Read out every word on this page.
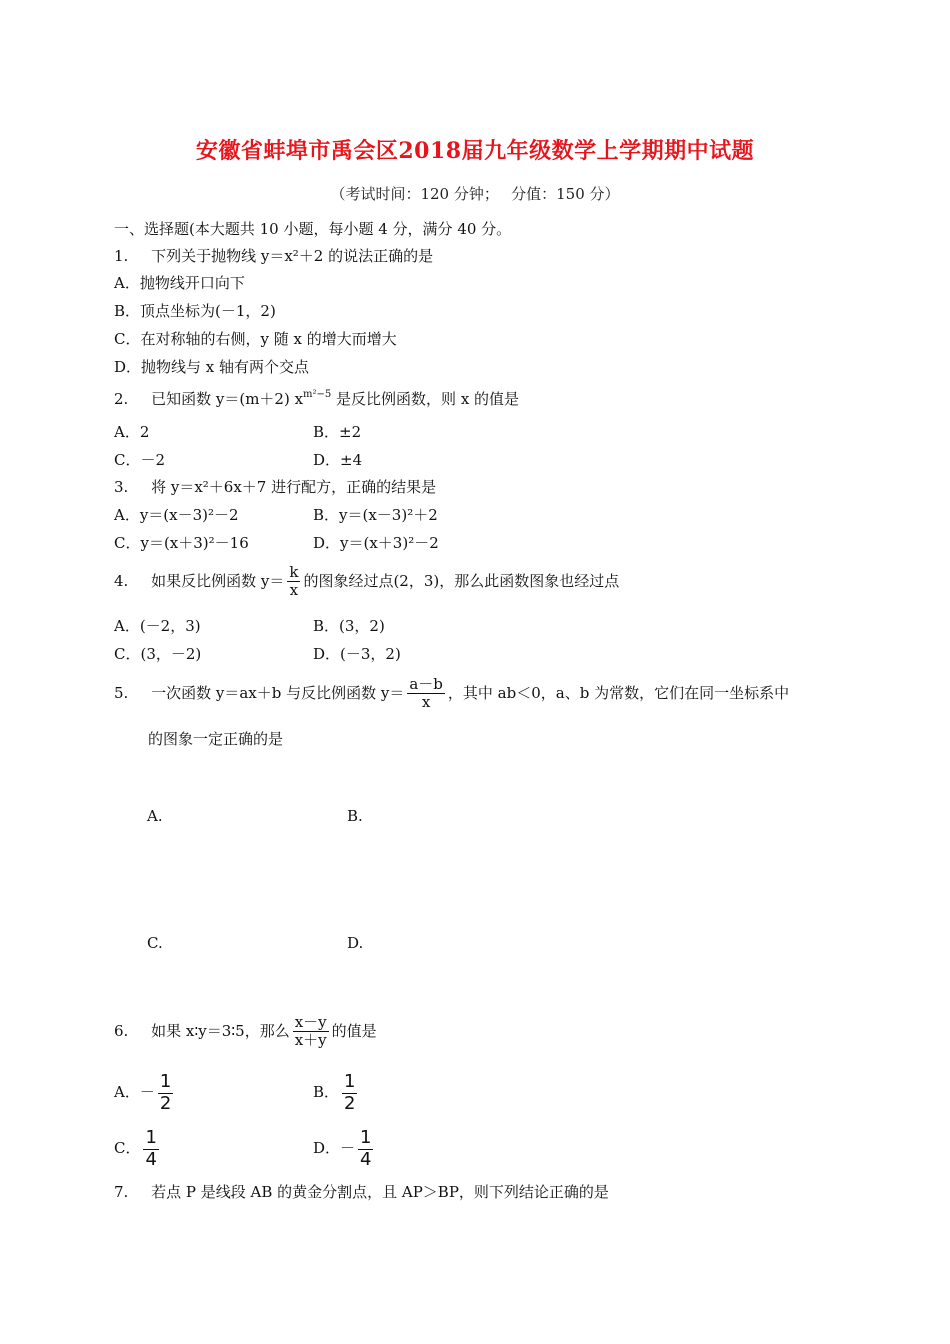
安徽省蚌埠市禹会区2018届九年级数学上学期期中试题
（考试时间：120 分钟；　 分值：150 分）
一、选择题(本大题共 10 小题，每小题 4 分，满分 40 分。
1. 下列关于抛物线 y＝x²＋2 的说法正确的是
A．抛物线开口向下
B．顶点坐标为(－1，2)
C．在对称轴的右侧，y 随 x 的增大而增大
D．抛物线与 x 轴有两个交点
2. 已知函数 y＝(m＋2) $x^{m^2-5}$ 是反比例函数，则 x 的值是
A．2	B．±2
C．－2	D．±4
3. 将 y＝x²＋6x＋7 进行配方，正确的结果是
A．y＝(x－3)²－2	B．y＝(x－3)²＋2
C．y＝(x＋3)²－16	D．y＝(x＋3)²－2
4. 如果反比例函数 $y= \frac{k}{x}$ 的图象经过点(2，3)，那么此函数图象也经过点
A．(－2，3)	B．(3，2)
C．(3，－2)	D．(－3，2)
5. 一次函数 y＝ax＋b 与反比例函数 $y= \frac{a-b}{x}$ ，其中 ab＜0，a、b 为常数，它们在同一坐标系中
的图象一定正确的是
A.	B.
C.	D.
6. 如果 x∶y＝3∶5，那么 $\frac{x-y}{x+y}$ 的值是
A．－ $\frac{1}{2}$	B． $\frac{1}{2}$
C． $\frac{1}{4}$	D．－ $\frac{1}{4}$
7. 若点 P 是线段 AB 的黄金分割点，且 AP＞BP，则下列结论正确的是
